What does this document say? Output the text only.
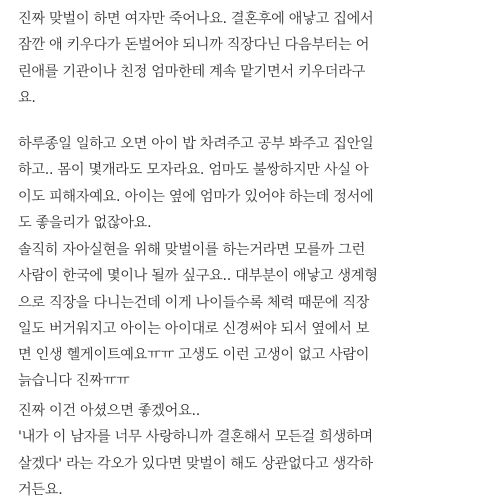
진짜 맞벌이 하면 여자만 죽어나요. 결혼후에 애낳고 집에서
잠깐 애 키우다가 돈벌어야 되니까 직장다닌 다음부터는 어
린애를 기관이나 친정 엄마한테 계속 맡기면서 키우더라구
요.
하루종일 일하고 오면 아이 밥 차려주고 공부 봐주고 집안일
하고.. 몸이 몇개라도 모자라요. 엄마도 불쌍하지만 사실 아
이도 피해자예요. 아이는 옆에 엄마가 있어야 하는데 정서에
도 좋을리가 없잖아요.
솔직히 자아실현을 위해 맞벌이를 하는거라면 모를까 그런
사람이 한국에 몇이나 될까 싶구요.. 대부분이 애낳고 생계형
으로 직장을 다니는건데 이게 나이들수록 체력 때문에 직장
일도 버거워지고 아이는 아이대로 신경써야 되서 옆에서 보
면 인생 헬게이트예요ㅠㅠ 고생도 이런 고생이 없고 사람이
늙습니다 진짜ㅠㅠ
진짜 이건 아셨으면 좋겠어요..
'내가 이 남자를 너무 사랑하니까 결혼해서 모든걸 희생하며
살겠다' 라는 각오가 있다면 맞벌이 해도 상관없다고 생각하
거든요.
